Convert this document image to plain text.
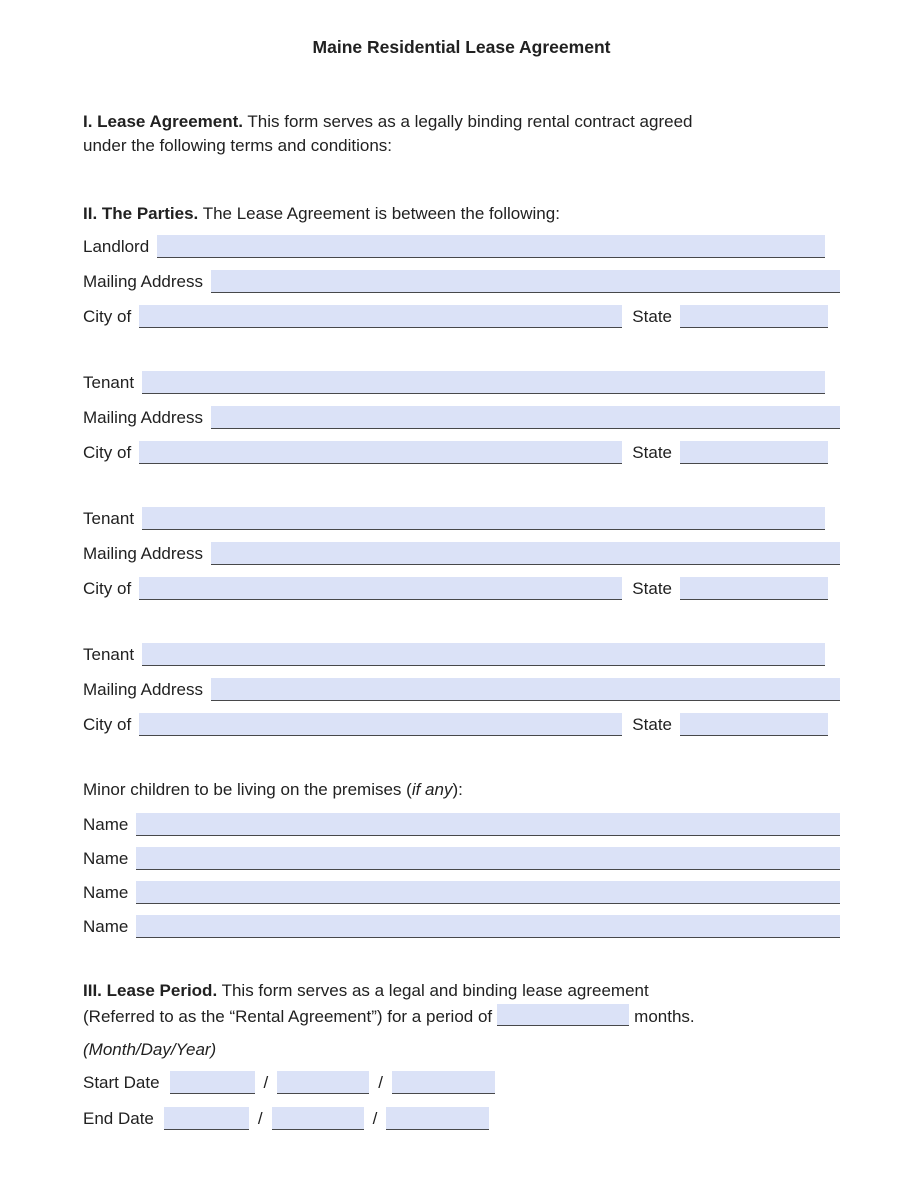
Maine Residential Lease Agreement

I. Lease Agreement. This form serves as a legally binding rental contract agreed
under the following terms and conditions:

II. The Parties. The Lease Agreement is between the following:

Landlord
Mailing Address
City of	State
Tenant
Mailing Address
City of	State
Tenant
Mailing Address
City of	State
Tenant
Mailing Address
City of	State

Minor children to be living on the premises (if any):

Name
Name
Name
Name
III. Lease Period. This form serves as a legal and binding lease agreement
(Referred to as the “Rental Agreement”) for a period of	months.
(Month/Day/Year)
Start Date	/	/
End Date	/	/
